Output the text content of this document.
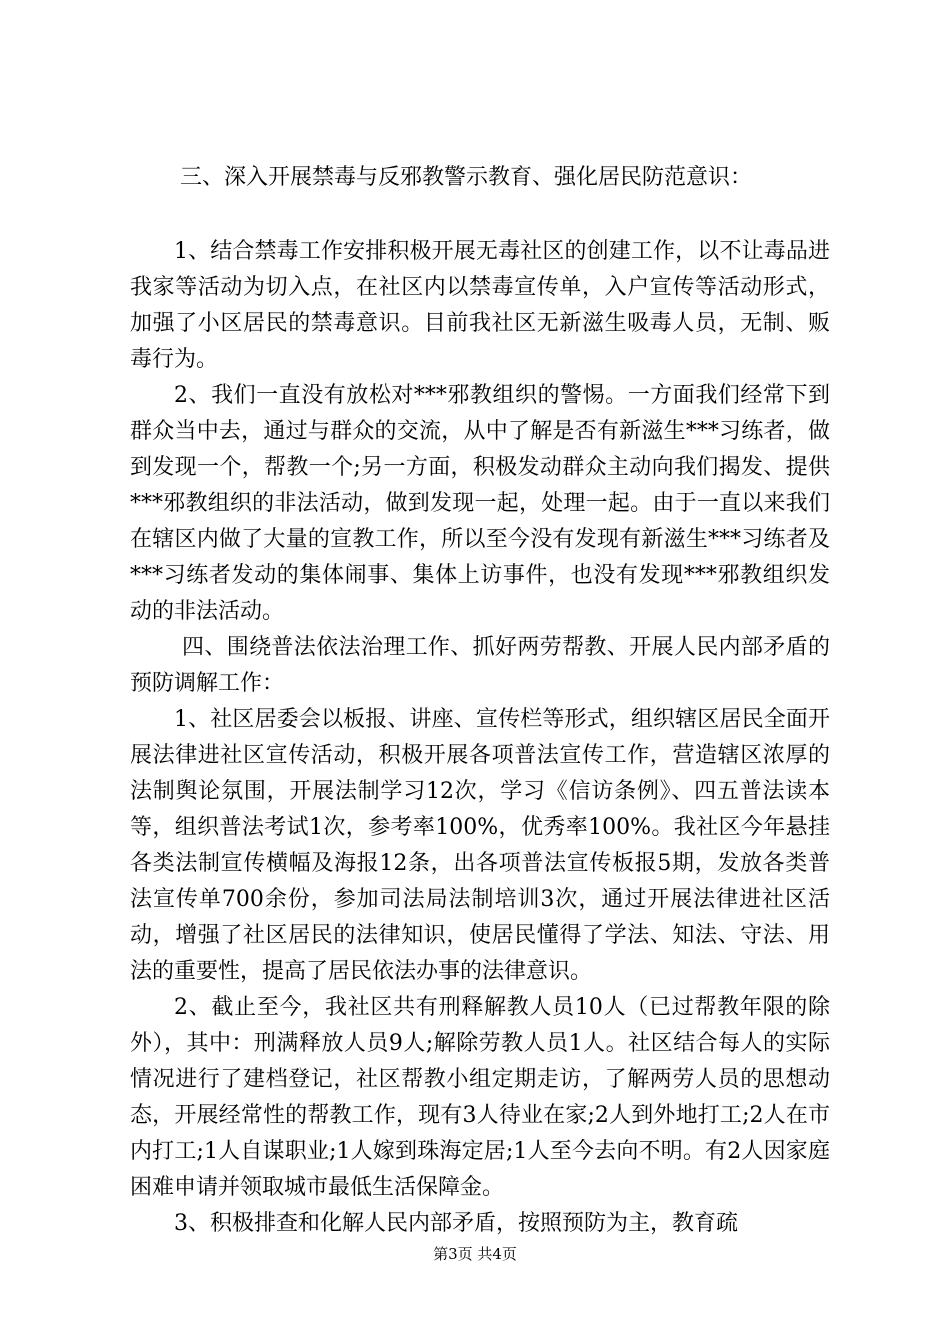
三、深入开展禁毒与反邪教警示教育、强化居民防范意识：

1、结合禁毒工作安排积极开展无毒社区的创建工作，以不让毒品进我家等活动为切入点，在社区内以禁毒宣传单，入户宣传等活动形式，加强了小区居民的禁毒意识。目前我社区无新滋生吸毒人员，无制、贩毒行为。

2、我们一直没有放松对***邪教组织的警惕。一方面我们经常下到群众当中去，通过与群众的交流，从中了解是否有新滋生***习练者，做到发现一个，帮教一个;另一方面，积极发动群众主动向我们揭发、提供***邪教组织的非法活动，做到发现一起，处理一起。由于一直以来我们在辖区内做了大量的宣教工作，所以至今没有发现有新滋生***习练者及***习练者发动的集体闹事、集体上访事件，也没有发现***邪教组织发动的非法活动。

四、围绕普法依法治理工作、抓好两劳帮教、开展人民内部矛盾的预防调解工作：

1、社区居委会以板报、讲座、宣传栏等形式，组织辖区居民全面开展法律进社区宣传活动，积极开展各项普法宣传工作，营造辖区浓厚的法制舆论氛围，开展法制学习12次，学习《信访条例》、四五普法读本等，组织普法考试1次，参考率100%，优秀率100%。我社区今年悬挂各类法制宣传横幅及海报12条，出各项普法宣传板报5期，发放各类普法宣传单700余份，参加司法局法制培训3次，通过开展法律进社区活动，增强了社区居民的法律知识，使居民懂得了学法、知法、守法、用法的重要性，提高了居民依法办事的法律意识。

2、截止至今，我社区共有刑释解教人员10人（已过帮教年限的除外），其中：刑满释放人员9人;解除劳教人员1人。社区结合每人的实际情况进行了建档登记，社区帮教小组定期走访，了解两劳人员的思想动态，开展经常性的帮教工作，现有3人待业在家;2人到外地打工;2人在市内打工;1人自谋职业;1人嫁到珠海定居;1人至今去向不明。有2人因家庭困难申请并领取城市最低生活保障金。

3、积极排查和化解人民内部矛盾，按照预防为主，教育疏

第3页 共4页
